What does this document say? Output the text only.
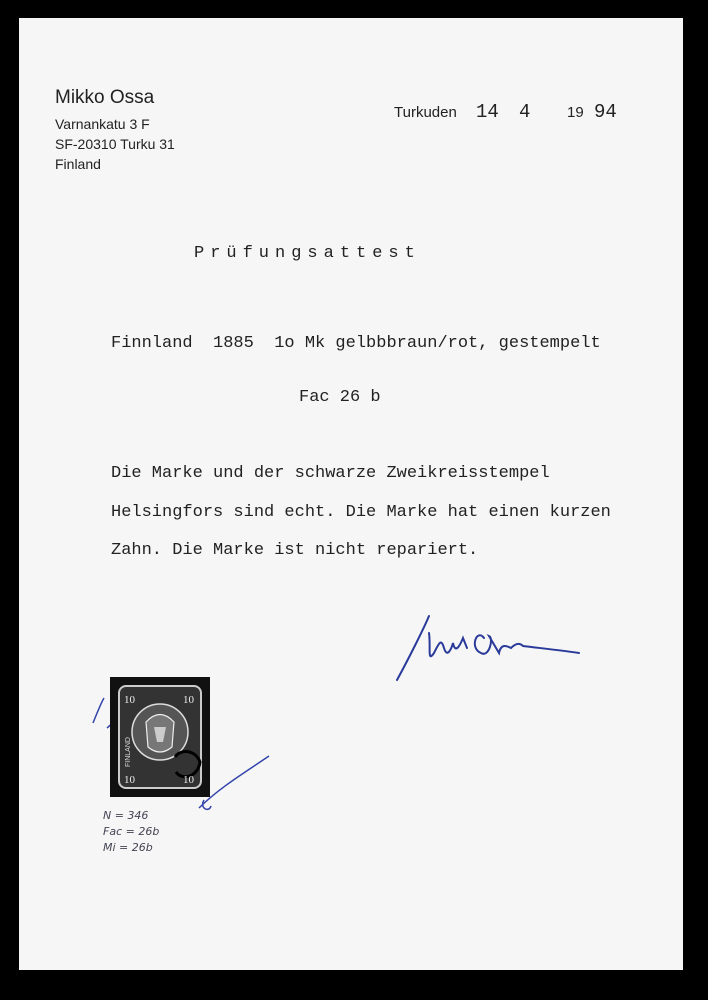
Mikko Ossa
Varnankatu 3 F
SF-20310 Turku 31
Finland
Turkuden 14 4 19 94
Prüfungsattest
Finnland  1885  1o Mk gelbbbraun/rot, gestempelt
Fac 26 b
Die Marke und der schwarze Zweikreisstempel
Helsingfors sind echt. Die Marke hat einen kurzen
Zahn. Die Marke ist nicht repariert.
10	10
10	10
FINLAND
N = 346
Fac = 26b
Mi = 26b
